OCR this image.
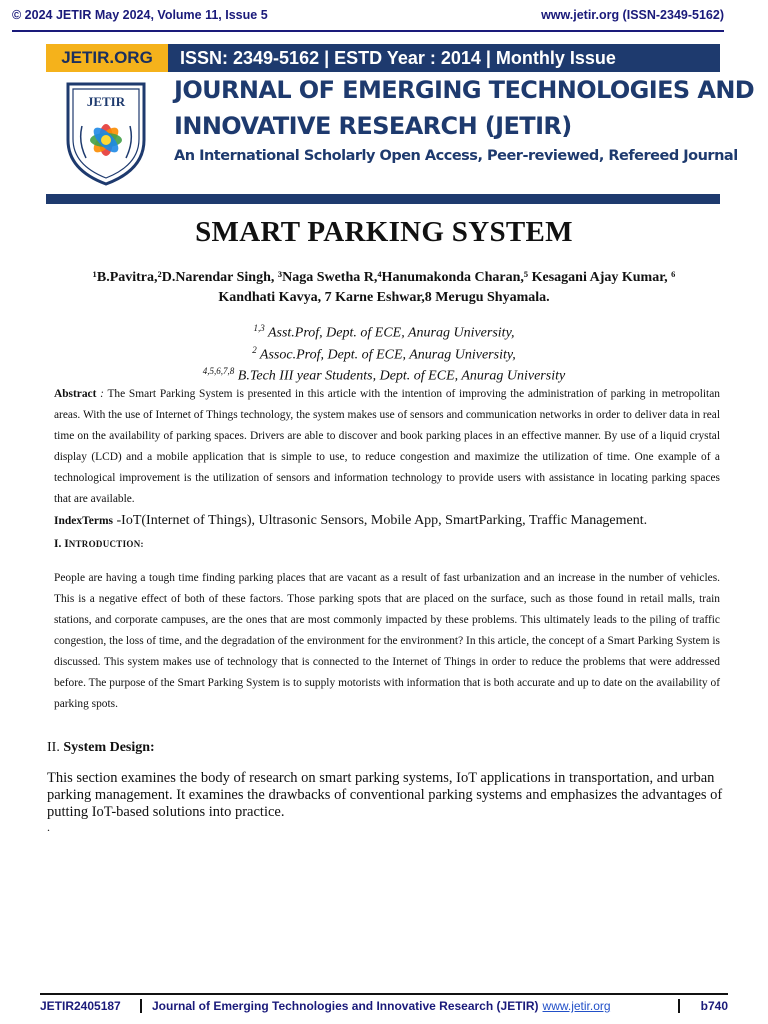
© 2024 JETIR May 2024, Volume 11, Issue 5	www.jetir.org (ISSN-2349-5162)
JETIR.ORG	ISSN: 2349-5162 | ESTD Year : 2014 | Monthly Issue
JETIR JOURNAL OF EMERGING TECHNOLOGIES AND
INNOVATIVE RESEARCH (JETIR)
An International Scholarly Open Access, Peer-reviewed, Refereed Journal
SMART PARKING SYSTEM
¹B.Pavitra,²D.Narendar Singh, ³Naga Swetha R,⁴Hanumakonda Charan,⁵ Kesagani Ajay Kumar, ⁶
Kandhati Kavya, 7 Karne Eshwar,8 Merugu Shyamala.
$^{1,3}$ Asst.Prof, Dept. of ECE, Anurag University,
$^2$ Assoc.Prof, Dept. of ECE, Anurag University,
$^{4,5,6,7,8}$ B.Tech III year Students, Dept. of ECE, Anurag University
Abstract : The Smart Parking System is presented in this article with the intention of improving the administration of parking in metropolitan areas. With the use of Internet of Things technology, the system makes use of sensors and communication networks in order to deliver data in real time on the availability of parking spaces. Drivers are able to discover and book parking places in an effective manner. By use of a liquid crystal display (LCD) and a mobile application that is simple to use, to reduce congestion and maximize the utilization of time. One example of a technological improvement is the utilization of sensors and information technology to provide users with assistance in locating parking spaces that are available.
IndexTerms -IoT(Internet of Things), Ultrasonic Sensors, Mobile App, SmartParking, Traffic Management.
I. INTRODUCTION:
People are having a tough time finding parking places that are vacant as a result of fast urbanization and an increase in the number of vehicles. This is a negative effect of both of these factors. Those parking spots that are placed on the surface, such as those found in retail malls, train stations, and corporate campuses, are the ones that are most commonly impacted by these problems. This ultimately leads to the piling of traffic congestion, the loss of time, and the degradation of the environment for the environment? In this article, the concept of a Smart Parking System is discussed. This system makes use of technology that is connected to the Internet of Things in order to reduce the problems that were addressed before. The purpose of the Smart Parking System is to supply motorists with information that is both accurate and up to date on the availability of parking spots.
II. System Design:
This section examines the body of research on smart parking systems, IoT applications in transportation, and urban parking management. It examines the drawbacks of conventional parking systems and emphasizes the advantages of putting IoT-based solutions into practice.
.
JETIR2405187	Journal of Emerging Technologies and Innovative Research (JETIR) www.jetir.org	b740
